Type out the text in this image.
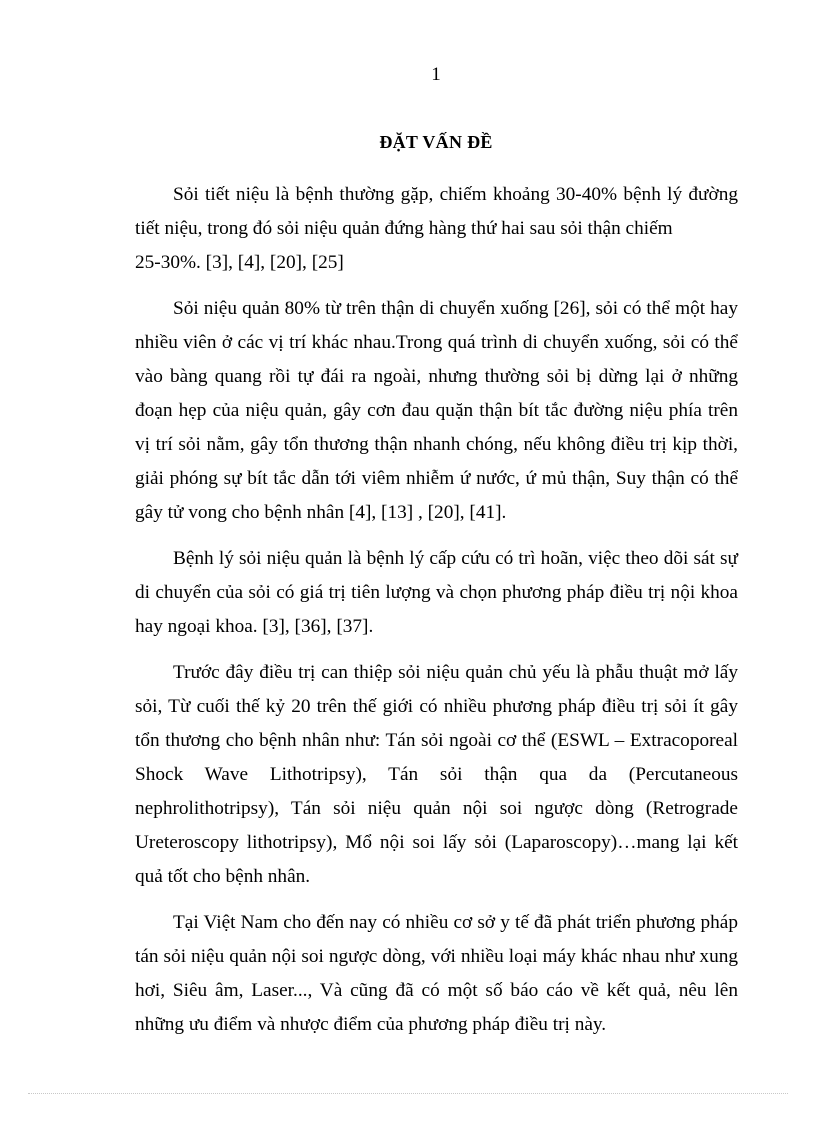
1
ĐẶT VẤN ĐỀ

Sỏi tiết niệu là bệnh thường gặp, chiếm khoảng 30-40% bệnh lý đường tiết niệu, trong đó sỏi niệu quản đứng hàng thứ hai sau sỏi thận chiếm

25-30%. [3], [4], [20], [25]

Sỏi niệu quản 80% từ trên thận di chuyển xuống [26], sỏi có thể một hay nhiều viên ở các vị trí khác nhau.Trong quá trình di chuyển xuống, sỏi có thể vào bàng quang rồi tự đái ra ngoài, nhưng thường sỏi bị dừng lại ở những đoạn hẹp của niệu quản, gây cơn đau quặn thận bít tắc đường niệu phía trên vị trí sỏi nằm, gây tổn thương thận nhanh chóng, nếu không điều trị kịp thời, giải phóng sự bít tắc dẫn tới viêm nhiễm ứ nước, ứ mủ thận, Suy thận có thể gây tử vong cho bệnh nhân [4], [13] , [20], [41].

Bệnh lý sỏi niệu quản là bệnh lý cấp cứu có trì hoãn, việc theo dõi sát sự di chuyển của sỏi có giá trị tiên lượng và chọn phương pháp điều trị nội khoa hay ngoại khoa. [3], [36], [37].

Trước đây điều trị can thiệp sỏi niệu quản chủ yếu là phẫu thuật mở lấy sỏi, Từ cuối thế kỷ 20 trên thế giới có nhiều phương pháp điều trị sỏi ít gây tổn thương cho bệnh nhân như: Tán sỏi ngoài cơ thể (ESWL – Extracoporeal Shock Wave Lithotripsy), Tán sỏi thận qua da (Percutaneous nephrolithotripsy), Tán sỏi niệu quản nội soi ngược dòng (Retrograde Ureteroscopy lithotripsy), Mổ nội soi lấy sỏi (Laparoscopy)…mang lại kết quả tốt cho bệnh nhân.

Tại Việt Nam cho đến nay có nhiều cơ sở y tế đã phát triển phương pháp tán sỏi niệu quản nội soi ngược dòng, với nhiều loại máy khác nhau như xung hơi, Siêu âm, Laser..., Và cũng đã có một số báo cáo về kết quả, nêu lên những ưu điểm và nhược điểm của phương pháp điều trị này.
